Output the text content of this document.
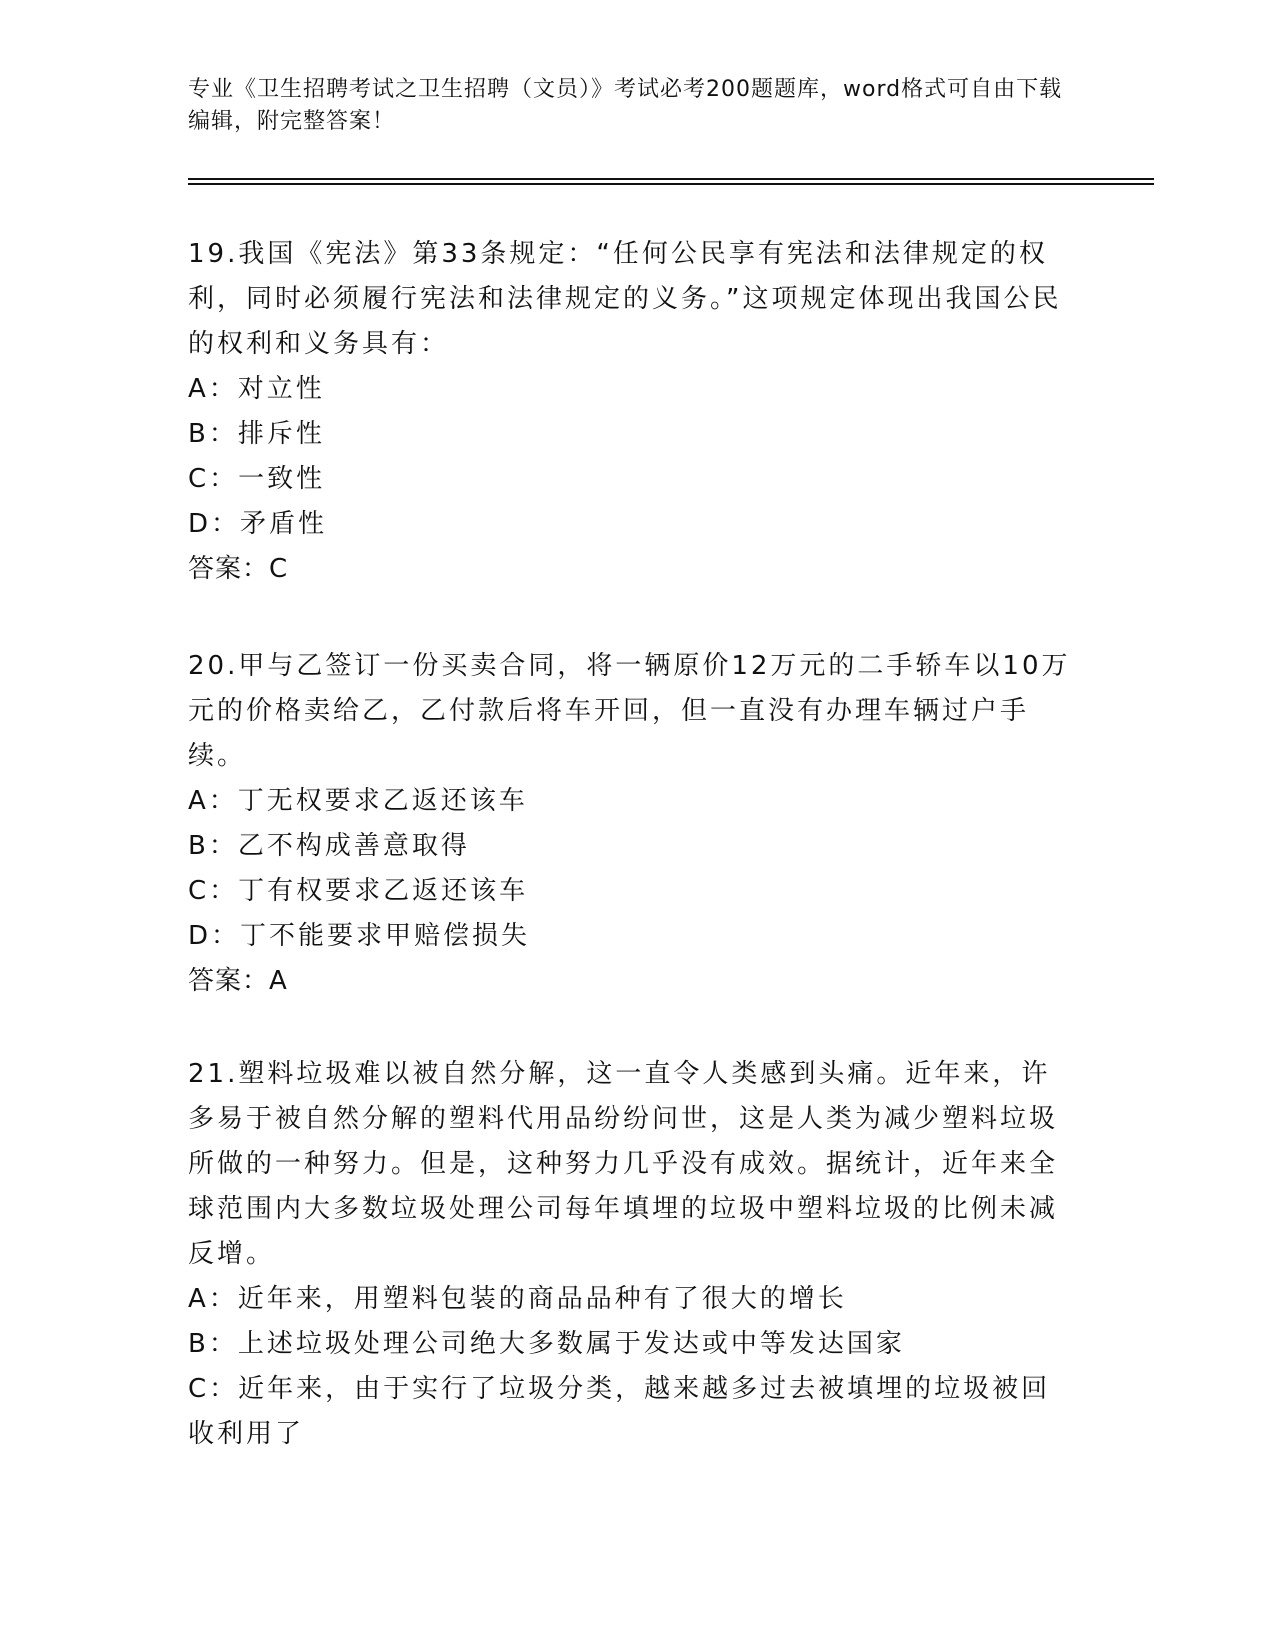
专业《卫生招聘考试之卫生招聘（文员）》考试必考200题题库，word格式可自由下载编辑，附完整答案！

19.我国《宪法》第33条规定：“任何公民享有宪法和法律规定的权利，同时必须履行宪法和法律规定的义务。”这项规定体现出我国公民的权利和义务具有：

A：对立性

B：排斥性

C：一致性

D：矛盾性

答案：C

20.甲与乙签订一份买卖合同，将一辆原价12万元的二手轿车以10万元的价格卖给乙，乙付款后将车开回，但一直没有办理车辆过户手续。

A：丁无权要求乙返还该车

B：乙不构成善意取得

C：丁有权要求乙返还该车

D：丁不能要求甲赔偿损失

答案：A

21.塑料垃圾难以被自然分解，这一直令人类感到头痛。近年来，许多易于被自然分解的塑料代用品纷纷问世，这是人类为减少塑料垃圾所做的一种努力。但是，这种努力几乎没有成效。据统计，近年来全球范围内大多数垃圾处理公司每年填埋的垃圾中塑料垃圾的比例未减反增。

A：近年来，用塑料包装的商品品种有了很大的增长

B：上述垃圾处理公司绝大多数属于发达或中等发达国家

C：近年来，由于实行了垃圾分类，越来越多过去被填埋的垃圾被回收利用了
